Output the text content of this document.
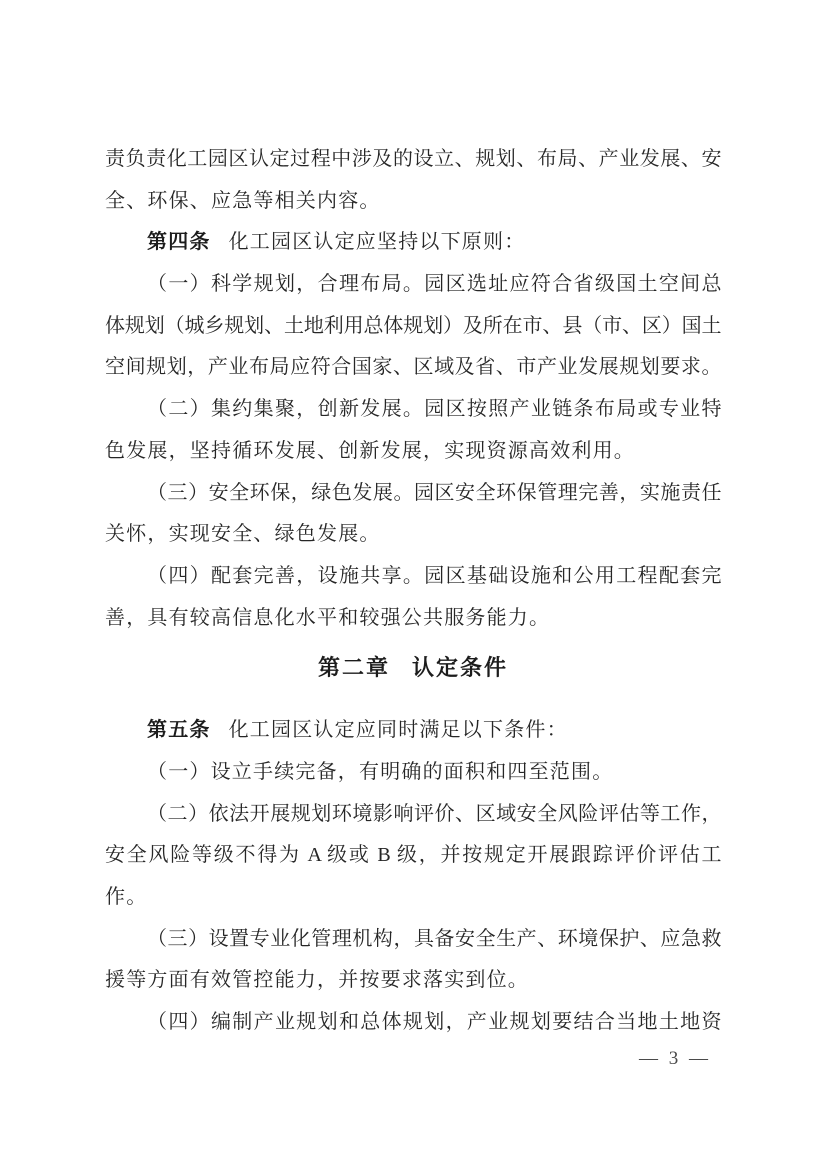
责负责化工园区认定过程中涉及的设立、规划、布局、产业发展、安
全、环保、应急等相关内容。
第四条 化工园区认定应坚持以下原则：
（一）科学规划，合理布局。园区选址应符合省级国土空间总
体规划（城乡规划、土地利用总体规划）及所在市、县（市、区）国土
空间规划，产业布局应符合国家、区域及省、市产业发展规划要求。
（二）集约集聚，创新发展。园区按照产业链条布局或专业特
色发展，坚持循环发展、创新发展，实现资源高效利用。
（三）安全环保，绿色发展。园区安全环保管理完善，实施责任
关怀，实现安全、绿色发展。
（四）配套完善，设施共享。园区基础设施和公用工程配套完
善，具有较高信息化水平和较强公共服务能力。
第二章 认定条件
第五条 化工园区认定应同时满足以下条件：
（一）设立手续完备，有明确的面积和四至范围。
（二）依法开展规划环境影响评价、区域安全风险评估等工作，
安全风险等级不得为 A 级或 B 级，并按规定开展跟踪评价评估工
作。
（三）设置专业化管理机构，具备安全生产、环境保护、应急救
援等方面有效管控能力，并按要求落实到位。
（四）编制产业规划和总体规划，产业规划要结合当地土地资
— 3 —
